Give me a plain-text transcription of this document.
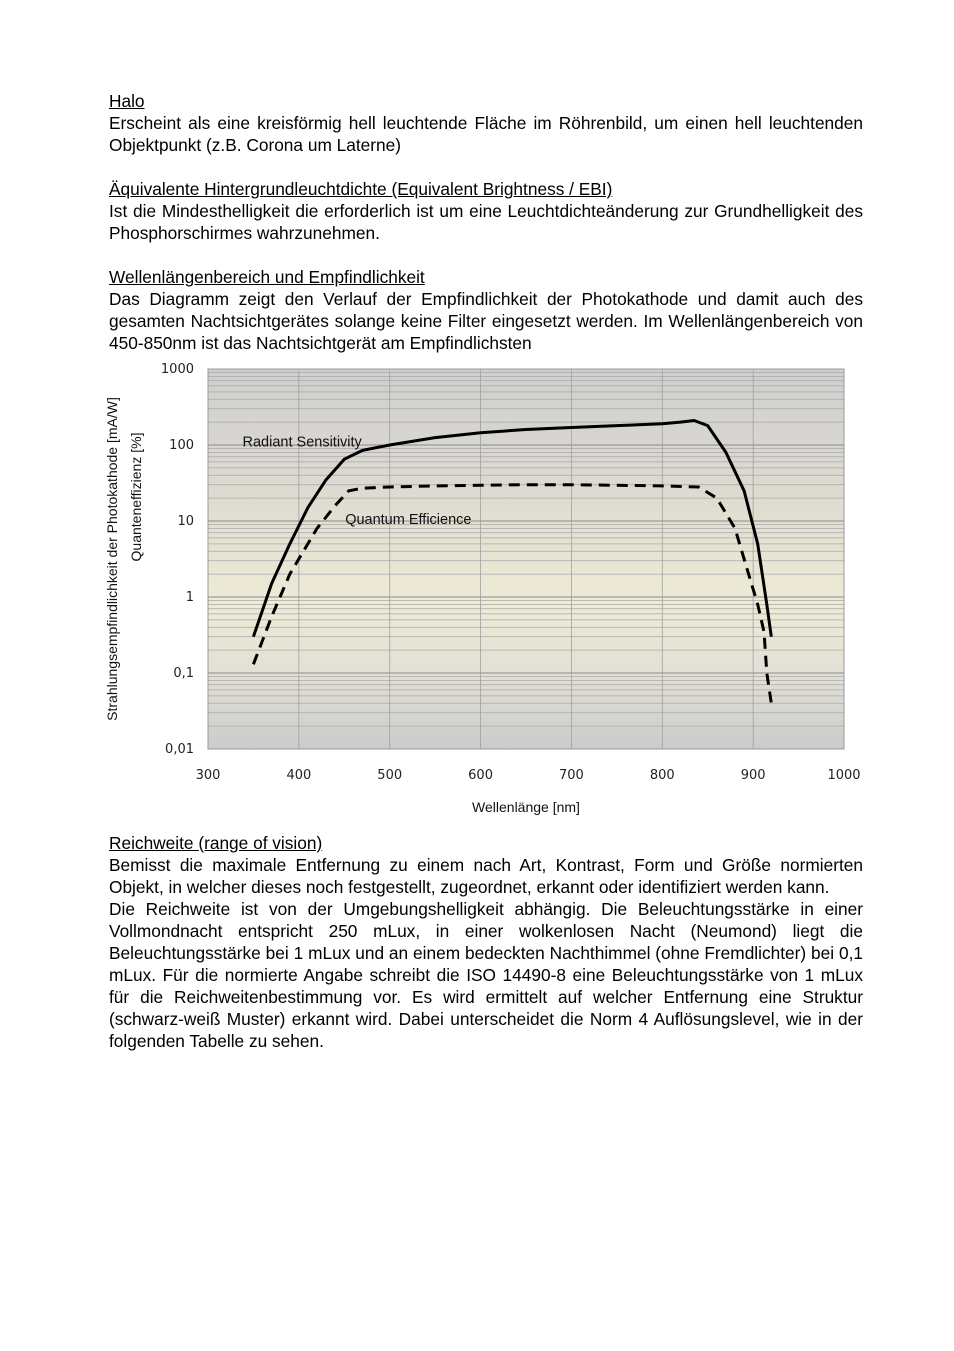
Halo

Erscheint als eine kreisförmig hell leuchtende Fläche im Röhrenbild, um einen hell leuchtenden Objektpunkt (z.B. Corona um Laterne)

Äquivalente Hintergrundleuchtdichte (Equivalent Brightness / EBI)

Ist die Mindesthelligkeit die erforderlich ist um eine Leuchtdichteänderung zur Grundhelligkeit des Phosphorschirmes wahrzunehmen.

Wellenlängenbereich und Empfindlichkeit

Das Diagramm zeigt den Verlauf der Empfindlichkeit der Photokathode und damit auch des gesamten Nachtsichtgerätes solange keine Filter eingesetzt werden. Im Wellenlängenbereich von 450-850nm ist das Nachtsichtgerät am Empfindlichsten

300	400	500	600	700	800	900	1000
0,01
0,1
1
10
100
1000
Wellenlänge [nm]
Strahlungsempfindlichkeit der Photokathode [mA/W] Quanteneffizienz [%]	Radiant Sensitivity
Quantum Efficience

Reichweite (range of vision)

Bemisst die maximale Entfernung zu einem nach Art, Kontrast, Form und Größe normierten Objekt, in welcher dieses noch festgestellt, zugeordnet, erkannt oder identifiziert werden kann.

Die Reichweite ist von der Umgebungshelligkeit abhängig. Die Beleuchtungsstärke in einer Vollmondnacht entspricht 250 mLux, in einer wolkenlosen Nacht (Neumond) liegt die Beleuchtungsstärke bei 1 mLux und an einem bedeckten Nachthimmel (ohne Fremdlichter) bei 0,1 mLux. Für die normierte Angabe schreibt die ISO 14490-8 eine Beleuchtungsstärke von 1 mLux für die Reichweitenbestimmung vor. Es wird ermittelt auf welcher Entfernung eine Struktur (schwarz-weiß Muster) erkannt wird. Dabei unterscheidet die Norm 4 Auflösungslevel, wie in der folgenden Tabelle zu sehen.
